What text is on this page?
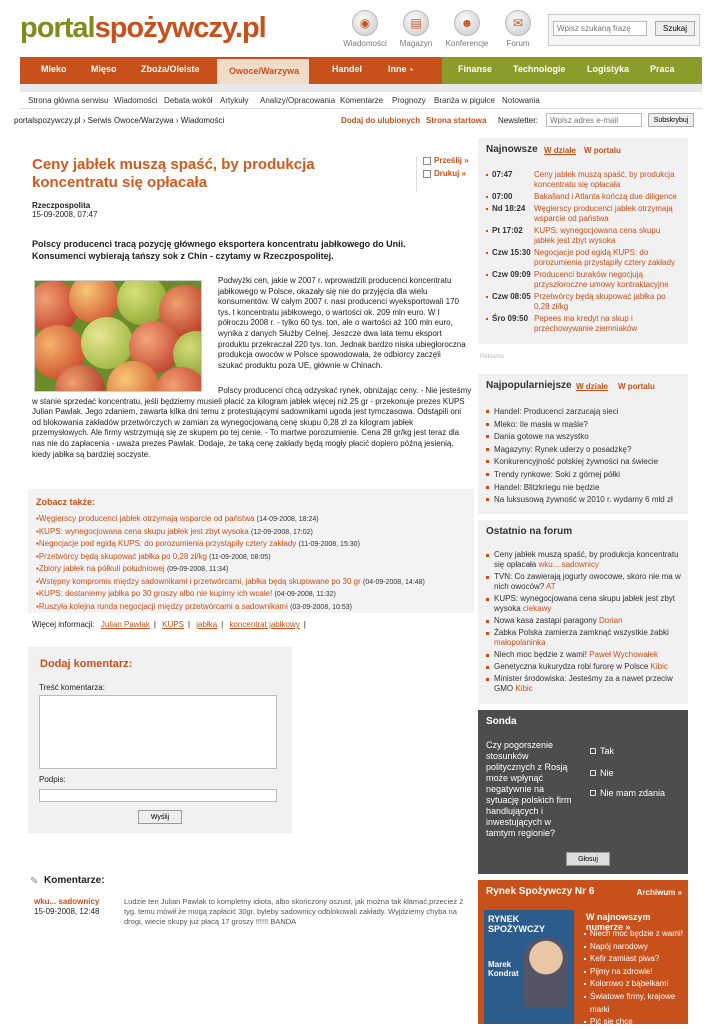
portalspożywczy.pl	◉
Wiadomości
▤
Magazyn
☻
Konferencje
✉
Forum
Wpisz szukaną frazę
Szukaj
Mleko	Mięso	Zboża/Oleiste	Owoce/Warzywa	Handel	Inne ▪	Finanse Technologie Logistyka Praca
Strona główna serwisu Wiadomości Debata wokół Artykuły Analizy/Opracowania Komentarze Prognozy Branża w pigułce Notowania
portalspozywczy.pl › Serwis Owoce/Warzywa › Wiadomości	Dodaj do ulubionych Strona startowa Newsletter:
Wpisz adres e-mail	Subskrybuj
Ceny jabłek muszą spaść, by produkcja koncentratu się opłacała
Prześlij »
Drukuj »
Rzeczpospolita
15-09-2008, 07:47

Polscy producenci tracą pozycję głównego eksportera koncentratu jabłkowego do Unii. Konsumenci wybierają tańszy sok z Chin - czytamy w Rzeczpospolitej.

Podwyżki cen, jakie w 2007 r. wprowadzili producenci koncentratu jabłkowego w Polsce, okazały się nie do przyjęcia dla wielu konsumentów. W całym 2007 r. nasi producenci wyeksportowali 170 tys. t koncentratu jabłkowego, o wartości ok. 209 mln euro. W I półroczu 2008 r. - tylko 60 tys. ton, ale o wartości aż 100 mln euro, wynika z danych Służby Celnej. Jeszcze dwa lata temu eksport produktu przekraczał 220 tys. ton. Jednak bardzo niska ubiegłoroczna produkcja owoców w Polsce spowodowała, że odbiorcy zaczęli szukać produktu poza UE, głównie w Chinach.

Polscy producenci chcą odzyskać rynek, obniżając ceny. - Nie jesteśmy w stanie sprzedać koncentratu, jeśli będziemy musieli płacić za kilogram jabłek więcej niż 25 gr - przekonuje prezes KUPS Julian Pawlak. Jego zdaniem, zawarta kilka dni temu z protestującymi sadownikami ugoda jest tymczasowa. Odstąpili oni od blokowania zakładów przetwórczych w zamian za wynegocjowaną cenę skupu 0,28 zł za kilogram jabłek przemysłowych. Ale firmy wstrzymują się ze skupem po tej cenie. - To martwe porozumienie. Cena 28 gr/kg jest teraz dla nas nie do zapłacenia - uważa prezes Pawlak. Dodaje, że taką cenę zakłady będą mogły płacić dopiero późną jesienią, kiedy jabłka są bardziej soczyste.

Zobacz także:
▪Węgierscy producenci jabłek otrzymają wsparcie od państwa (14-09-2008, 18:24)
▪KUPS: wynegocjowana cena skupu jabłek jest zbyt wysoka (12-09-2008, 17:02)
▪Negocjacje pod egidą KUPS: do porozumienia przystąpiły cztery zakłady (11-09-2008, 15:30)
▪Przetwórcy będą skupować jabłka po 0,28 zł/kg (11-09-2008, 08:05)
▪Zbiory jabłek na półkuli południowej (09-09-2008, 11:34)
▪Wstępny kompromis między sadownikami i przetwórcami, jabłka będą skupowane po 30 gr (04-09-2008, 14:48)
▪KUPS: dostaniemy jabłka po 30 groszy albo nie kupimy ich wcale! (04-09-2008, 11:32)
▪Ruszyła kolejna runda negocjacji między przetwórcami a sadownikami (03-09-2008, 10:53)
Więcej informacji: Julian Pawlak | KUPS | jabłka | koncentrat jabłkowy |
Dodaj komentarz:
Treść komentarza:
Podpis:
Wyślij
✎ Komentarze:
wku... sadownicy
15-09-2008, 12:48
Ludzie ten Julian Pawlak to kompletny idiota, albo skończony oszust, jak można tak kłamać,przecież 2 tyg. temu mówił że mogą zapłacić 30gr. byleby sadownicy odblokowali zakłady. Wyjdziemy chyba na drogi, wiecie skupy już płacą 17 groszy !!!!!! BANDA
Najnowsze W dziale W portalu
07:47	Ceny jabłek muszą spaść, by produkcja koncentratu się opłacała
07:00	Bakalland i Atlanta kończą due diligence
Nd 18:24 Węgierscy producenci jabłek otrzymają wsparcie od państwa
Pt 17:02 KUPS: wynegocjowana cena skupu jabłek jest zbyt wysoka
Czw 15:30 Negocjacje pod egidą KUPS: do porozumienia przystąpiły cztery zakłady
Czw 09:09 Producenci buraków negocjują przyszłoroczne umowy kontraktacyjne
Czw 08:05 Przetwórcy będą skupować jabłka po 0,28 zł/kg
Śro 09:50 Pepees ma kredyt na skup i przechowywanie ziemniaków
Reklama
Najpopularniejsze W dziale	W portalu
Handel: Producenci zarzucają sieci
Mleko: Ile masła w maśle?
Dania gotowe na wszystko
Magazyny: Rynek uderzy o posadzkę?
Konkurencyjność polskiej żywności na świecie
Trendy rynkowe: Soki z górnej półki
Handel: Blitzkriegu nie będzie
Na luksusową żywność w 2010 r. wydamy 6 mld zł
Ostatnio na forum
Ceny jabłek muszą spaść, by produkcja koncentratu się opłacała wku... sadownicy
TVN: Co zawierają jogurty owocowe, skoro nie ma w nich owoców? AT
KUPS: wynegocjowana cena skupu jabłek jest zbyt wysoka ciekawy
Nowa kasa zastąpi paragony Dorian
Żabka Polska zamierza zamknąć wszystkie żabki małopolaninka
Niech moc będzie z wami! Paweł Wychowałek
Genetyczna kukurydza robi furorę w Polsce Kibic
Minister środowiska: Jesteśmy za a nawet przeciw GMO Kibic
Sonda
Czy pogorszenie stosunków politycznych z Rosją może wpłynąć negatywnie na sytuację polskich firm handlujących i inwestujących w tamtym regionie?
Tak
Nie
Nie mam zdania
Głosuj
Rynek Spożywczy Nr 6	Archiwum »
RYNEK SPOŻYWCZY
Marek Kondrat
W najnowszym numerze »
Niech moc będzie z wami!
Napój narodowy
Kefir zamiast piwa?
Pijmy na zdrowie!
Kolorowo z bąbelkami
Światowe firmy, krajowe marki
Pić się chce
